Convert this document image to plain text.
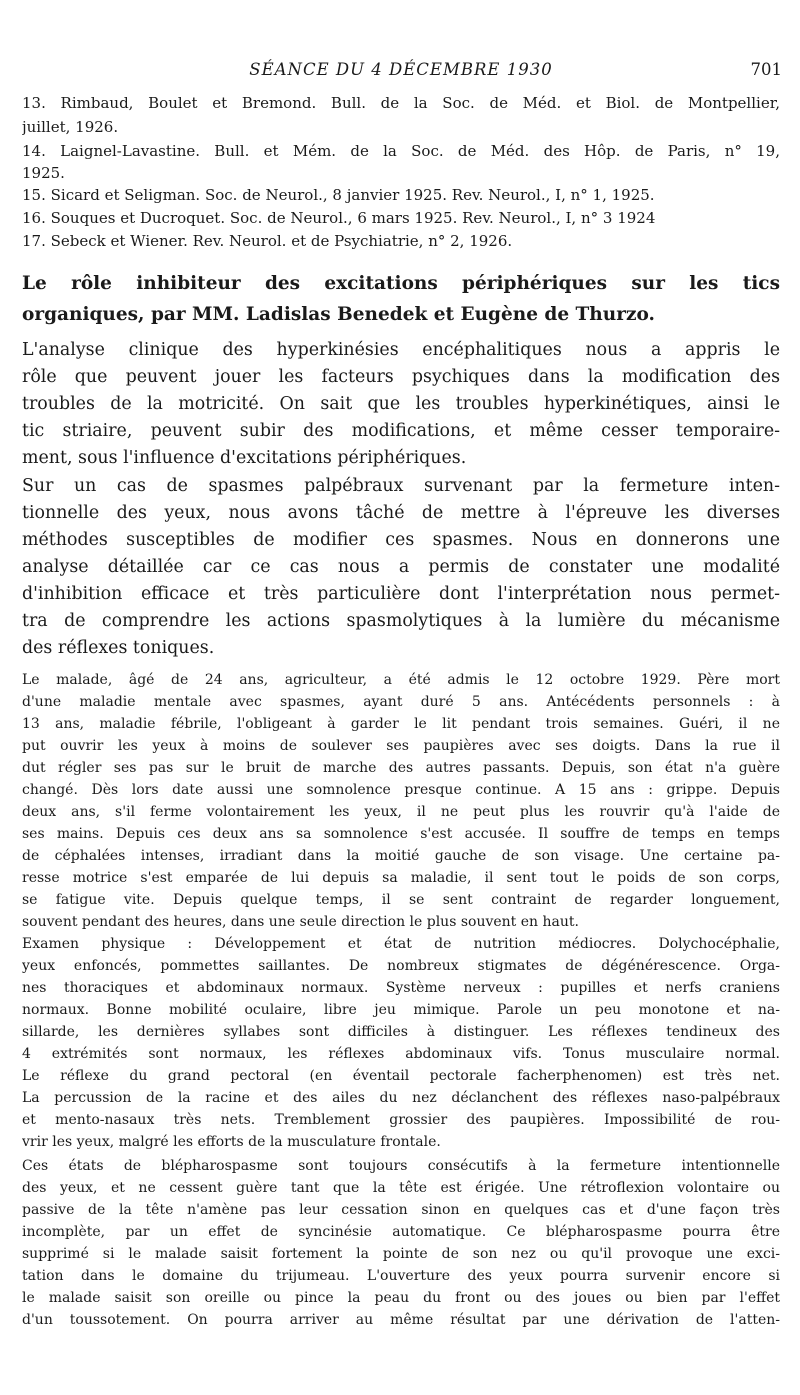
SÉANCE DU 4 DÉCEMBRE 1930	701
13. Rimbaud, Boulet et Bremond. Bull. de la Soc. de Méd. et Biol. de Montpellier,
juillet, 1926.
14. Laignel-Lavastine. Bull. et Mém. de la Soc. de Méd. des Hôp. de Paris, n° 19,
1925.
15. Sicard et Seligman. Soc. de Neurol., 8 janvier 1925. Rev. Neurol., I, n° 1, 1925.
16. Souques et Ducroquet. Soc. de Neurol., 6 mars 1925. Rev. Neurol., I, n° 3 1924
17. Sebeck et Wiener. Rev. Neurol. et de Psychiatrie, n° 2, 1926.
Le rôle inhibiteur des excitations périphériques sur les tics
organiques, par MM. Ladislas Benedek et Eugène de Thurzo.
L'analyse clinique des hyperkinésies encéphalitiques nous a appris le
rôle que peuvent jouer les facteurs psychiques dans la modification des
troubles de la motricité. On sait que les troubles hyperkinétiques, ainsi le
tic striaire, peuvent subir des modifications, et même cesser temporaire-
ment, sous l'influence d'excitations périphériques.
Sur un cas de spasmes palpébraux survenant par la fermeture inten-
tionnelle des yeux, nous avons tâché de mettre à l'épreuve les diverses
méthodes susceptibles de modifier ces spasmes. Nous en donnerons une
analyse détaillée car ce cas nous a permis de constater une modalité
d'inhibition efficace et très particulière dont l'interprétation nous permet-
tra de comprendre les actions spasmolytiques à la lumière du mécanisme
des réflexes toniques.
Le malade, âgé de 24 ans, agriculteur, a été admis le 12 octobre 1929. Père mort
d'une maladie mentale avec spasmes, ayant duré 5 ans. Antécédents personnels : à
13 ans, maladie fébrile, l'obligeant à garder le lit pendant trois semaines. Guéri, il ne
put ouvrir les yeux à moins de soulever ses paupières avec ses doigts. Dans la rue il
dut régler ses pas sur le bruit de marche des autres passants. Depuis, son état n'a guère
changé. Dès lors date aussi une somnolence presque continue. A 15 ans : grippe. Depuis
deux ans, s'il ferme volontairement les yeux, il ne peut plus les rouvrir qu'à l'aide de
ses mains. Depuis ces deux ans sa somnolence s'est accusée. Il souffre de temps en temps
de céphalées intenses, irradiant dans la moitié gauche de son visage. Une certaine pa-
resse motrice s'est emparée de lui depuis sa maladie, il sent tout le poids de son corps,
se fatigue vite. Depuis quelque temps, il se sent contraint de regarder longuement,
souvent pendant des heures, dans une seule direction le plus souvent en haut.
Examen physique : Développement et état de nutrition médiocres. Dolychocéphalie,
yeux enfoncés, pommettes saillantes. De nombreux stigmates de dégénérescence. Orga-
nes thoraciques et abdominaux normaux. Système nerveux : pupilles et nerfs craniens
normaux. Bonne mobilité oculaire, libre jeu mimique. Parole un peu monotone et na-
sillarde, les dernières syllabes sont difficiles à distinguer. Les réflexes tendineux des
4 extrémités sont normaux, les réflexes abdominaux vifs. Tonus musculaire normal.
Le réflexe du grand pectoral (en éventail pectorale facherphenomen) est très net.
La percussion de la racine et des ailes du nez déclanchent des réflexes naso-palpébraux
et mento-nasaux très nets. Tremblement grossier des paupières. Impossibilité de rou-
vrir les yeux, malgré les efforts de la musculature frontale.
Ces états de blépharospasme sont toujours consécutifs à la fermeture intentionnelle
des yeux, et ne cessent guère tant que la tête est érigée. Une rétroflexion volontaire ou
passive de la tête n'amène pas leur cessation sinon en quelques cas et d'une façon très
incomplète, par un effet de syncinésie automatique. Ce blépharospasme pourra être
supprimé si le malade saisit fortement la pointe de son nez ou qu'il provoque une exci-
tation dans le domaine du trijumeau. L'ouverture des yeux pourra survenir encore si
le malade saisit son oreille ou pince la peau du front ou des joues ou bien par l'effet
d'un toussotement. On pourra arriver au même résultat par une dérivation de l'atten-
